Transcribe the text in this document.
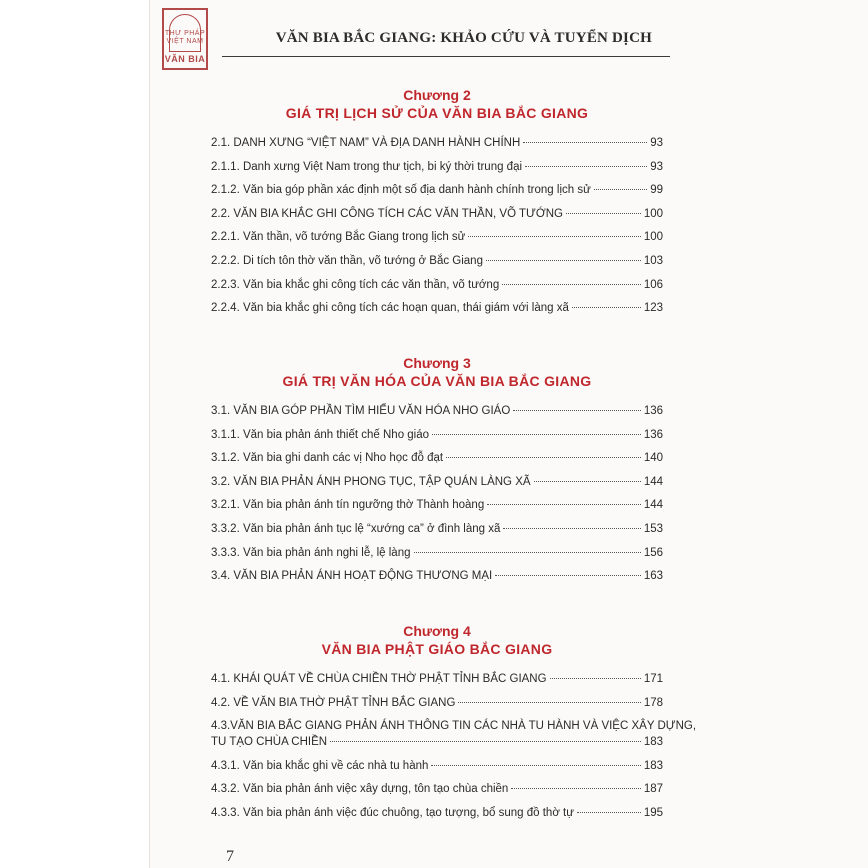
THƯ PHÁP VIỆT NAM
VĂN BIA
VĂN BIA BẮC GIANG: KHẢO CỨU VÀ TUYỂN DỊCH
Chương 2
GIÁ TRỊ LỊCH SỬ CỦA VĂN BIA BẮC GIANG
2.1. DANH XƯNG “VIỆT NAM” VÀ ĐỊA DANH HÀNH CHÍNH	93
2.1.1. Danh xưng Việt Nam trong thư tịch, bi ký thời trung đại	93
2.1.2. Văn bia góp phần xác định một số địa danh hành chính trong lịch sử	99
2.2. VĂN BIA KHẮC GHI CÔNG TÍCH CÁC VĂN THẦN, VÕ TƯỚNG	100
2.2.1. Văn thần, võ tướng Bắc Giang trong lịch sử	100
2.2.2. Di tích tôn thờ văn thần, võ tướng ở Bắc Giang	103
2.2.3. Văn bia khắc ghi công tích các văn thần, võ tướng	106
2.2.4. Văn bia khắc ghi công tích các hoạn quan, thái giám với làng xã	123
Chương 3
GIÁ TRỊ VĂN HÓA CỦA VĂN BIA BẮC GIANG
3.1. VĂN BIA GÓP PHẦN TÌM HIỂU VĂN HÓA NHO GIÁO	136
3.1.1. Văn bia phản ánh thiết chế Nho giáo	136
3.1.2. Văn bia ghi danh các vị Nho học đỗ đạt	140
3.2. VĂN BIA PHẢN ÁNH PHONG TỤC, TẬP QUÁN LÀNG XÃ	144
3.2.1. Văn bia phản ánh tín ngưỡng thờ Thành hoàng	144
3.3.2. Văn bia phản ánh tục lệ “xướng ca” ở đình làng xã	153
3.3.3. Văn bia phản ánh nghi lễ, lệ làng	156
3.4. VĂN BIA PHẢN ÁNH HOẠT ĐỘNG THƯƠNG MẠI	163
Chương 4
VĂN BIA PHẬT GIÁO BẮC GIANG
4.1. KHÁI QUÁT VỀ CHÙA CHIỀN THỜ PHẬT TỈNH BẮC GIANG	171
4.2. VỀ VĂN BIA THỜ PHẬT TỈNH BẮC GIANG	178
4.3.VĂN BIA BẮC GIANG PHẢN ÁNH THÔNG TIN CÁC NHÀ TU HÀNH VÀ VIỆC XÂY DỰNG,
TU TẠO CHÙA CHIỀN	183
4.3.1. Văn bia khắc ghi về các nhà tu hành	183
4.3.2. Văn bia phản ánh việc xây dựng, tôn tạo chùa chiền	187
4.3.3. Văn bia phản ánh việc đúc chuông, tạo tượng, bổ sung đồ thờ tự	195
7
